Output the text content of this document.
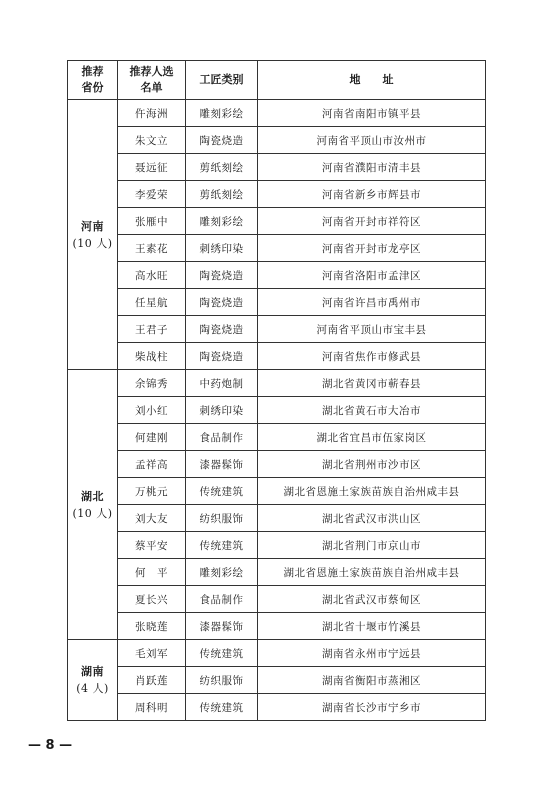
推荐
省份	推荐人选
名单	工匠类别	地　　址

河南
(10 人)	仵海洲	雕刻彩绘	河南省南阳市镇平县
	朱文立	陶瓷烧造	河南省平顶山市汝州市
	聂远征	剪纸刻绘	河南省濮阳市清丰县
	李爱荣	剪纸刻绘	河南省新乡市辉县市
	张雁中	雕刻彩绘	河南省开封市祥符区
	王素花	刺绣印染	河南省开封市龙亭区
	高水旺	陶瓷烧造	河南省洛阳市孟津区
	任星航	陶瓷烧造	河南省许昌市禹州市
	王君子	陶瓷烧造	河南省平顶山市宝丰县
	柴战柱	陶瓷烧造	河南省焦作市修武县

湖北
(10 人)	余锦秀	中药炮制	湖北省黄冈市蕲春县
	刘小红	刺绣印染	湖北省黄石市大冶市
	何建刚	食品制作	湖北省宜昌市伍家岗区
	孟祥高	漆器髹饰	湖北省荆州市沙市区
	万桃元	传统建筑	湖北省恩施土家族苗族自治州咸丰县
	刘大友	纺织服饰	湖北省武汉市洪山区
	蔡平安	传统建筑	湖北省荆门市京山市
	何　平	雕刻彩绘	湖北省恩施土家族苗族自治州咸丰县
	夏长兴	食品制作	湖北省武汉市蔡甸区
	张晓莲	漆器髹饰	湖北省十堰市竹溪县

湖南
(4 人)	毛刘军	传统建筑	湖南省永州市宁远县
	肖跃莲	纺织服饰	湖南省衡阳市蒸湘区
	周科明	传统建筑	湖南省长沙市宁乡市
— 8 —
